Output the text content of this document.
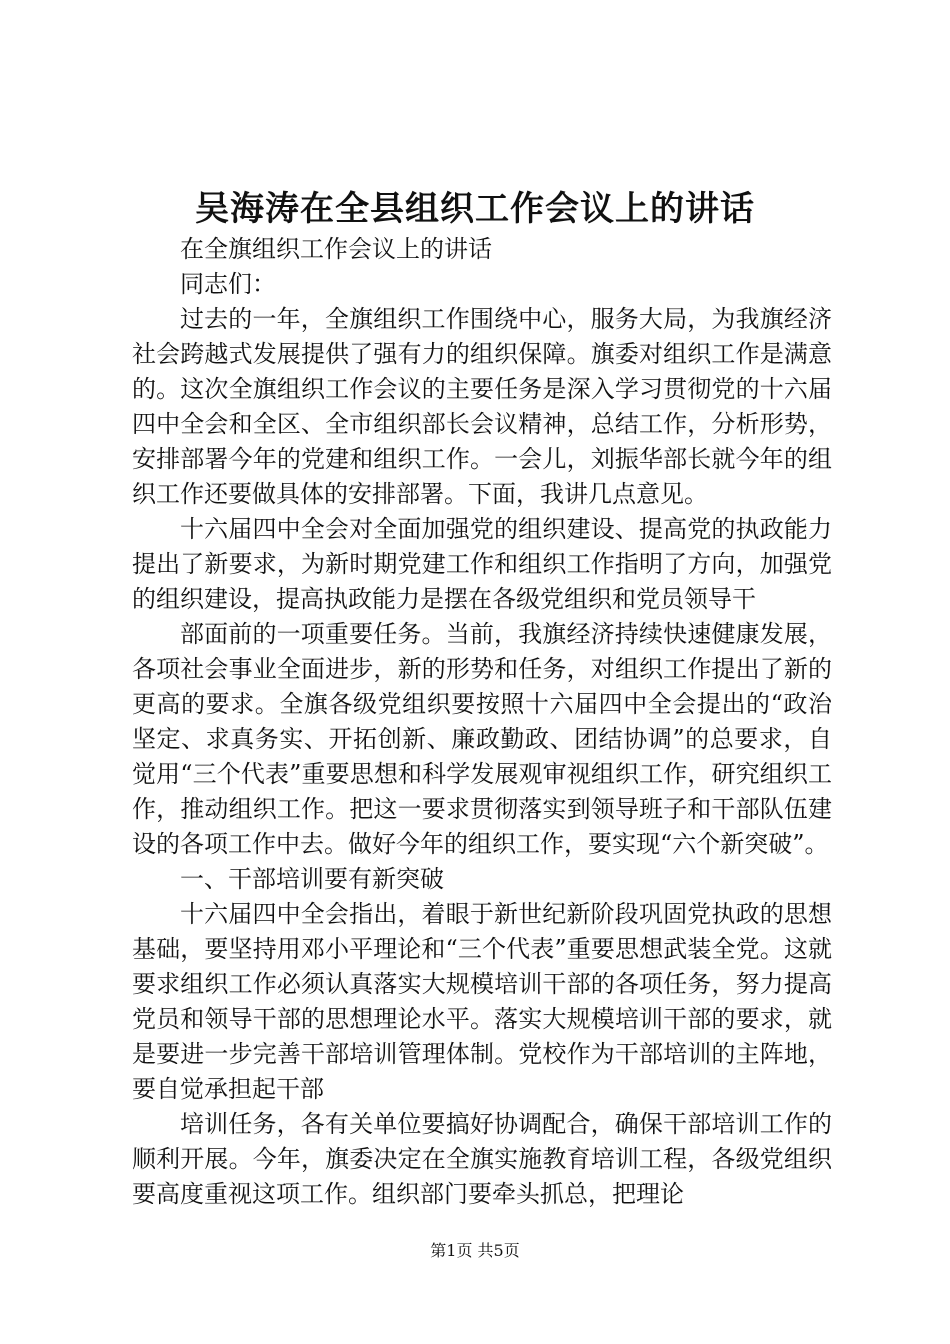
吴海涛在全县组织工作会议上的讲话

在全旗组织工作会议上的讲话

同志们：

过去的一年，全旗组织工作围绕中心，服务大局，为我旗经济社会跨越式发展提供了强有力的组织保障。旗委对组织工作是满意的。这次全旗组织工作会议的主要任务是深入学习贯彻党的十六届四中全会和全区、全市组织部长会议精神，总结工作，分析形势，安排部署今年的党建和组织工作。一会儿，刘振华部长就今年的组织工作还要做具体的安排部署。下面，我讲几点意见。

十六届四中全会对全面加强党的组织建设、提高党的执政能力提出了新要求，为新时期党建工作和组织工作指明了方向，加强党的组织建设，提高执政能力是摆在各级党组织和党员领导干

部面前的一项重要任务。当前，我旗经济持续快速健康发展，各项社会事业全面进步，新的形势和任务，对组织工作提出了新的更高的要求。全旗各级党组织要按照十六届四中全会提出的“政治坚定、求真务实、开拓创新、廉政勤政、团结协调”的总要求，自觉用“三个代表”重要思想和科学发展观审视组织工作，研究组织工作，推动组织工作。把这一要求贯彻落实到领导班子和干部队伍建设的各项工作中去。做好今年的组织工作，要实现“六个新突破”。

一、干部培训要有新突破

十六届四中全会指出，着眼于新世纪新阶段巩固党执政的思想基础，要坚持用邓小平理论和“三个代表”重要思想武装全党。这就要求组织工作必须认真落实大规模培训干部的各项任务，努力提高党员和领导干部的思想理论水平。落实大规模培训干部的要求，就是要进一步完善干部培训管理体制。党校作为干部培训的主阵地，要自觉承担起干部

培训任务，各有关单位要搞好协调配合，确保干部培训工作的顺利开展。今年，旗委决定在全旗实施教育培训工程，各级党组织要高度重视这项工作。组织部门要牵头抓总，把理论

第1页 共5页
